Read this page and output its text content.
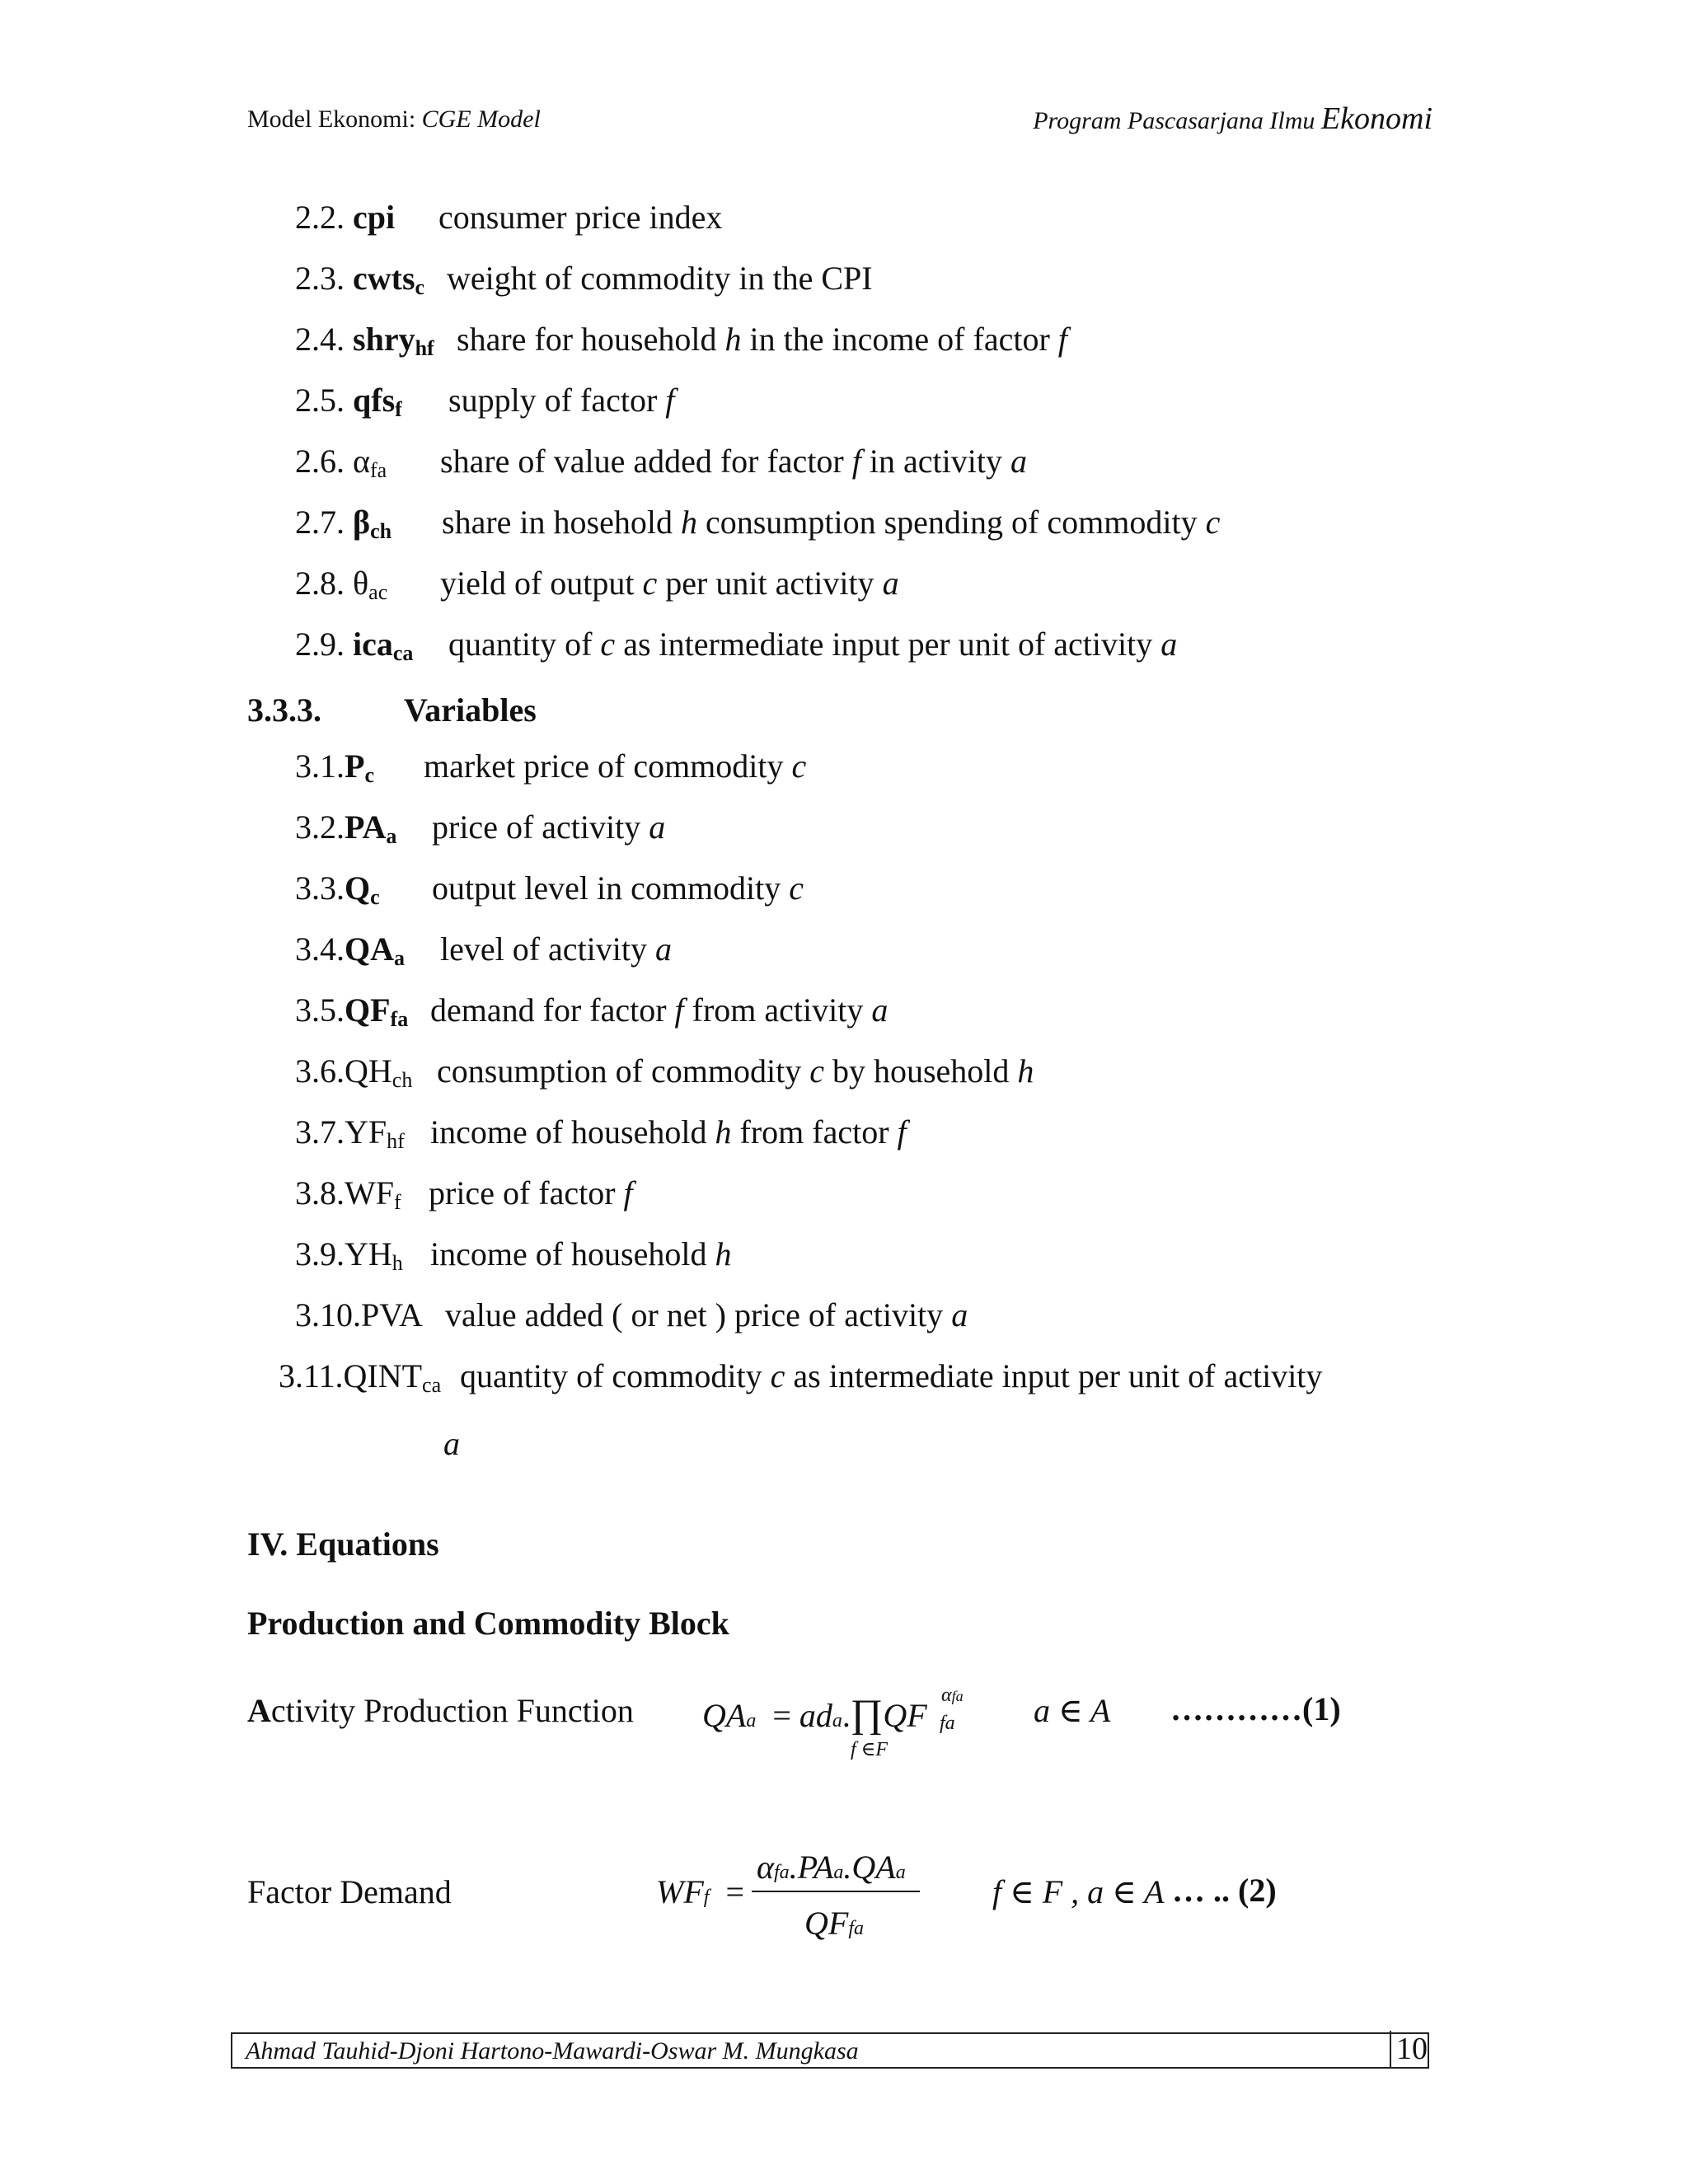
Model Ekonomi: CGE Model	Program Pascasarjana Ilmu Ekonomi
2.2. cpi consumer price index
2.3. cwts$_c$ weight of commodity in the CPI
2.4. shry$_{hf}$ share for household h in the income of factor f
2.5. qfs$_f$ supply of factor f
2.6. $\alpha_{fa}$ share of value added for factor f in activity a
2.7. $\beta_{ch}$ share in hosehold h consumption spending of commodity c
2.8. $\theta_{ac}$ yield of output c per unit activity a
2.9. ica$_{ca}$ quantity of c as intermediate input per unit of activity a
3.3.3.	Variables
$3.1.P_c$ market price of commodity c
$3.2.PA_a$ price of activity a
$3.3.Q_c$ output level in commodity c
$3.4.QA_a$ level of activity a
$3.5.QF_{fa}$ demand for factor f from activity a
$3.6.QH_{ch}$ consumption of commodity c by household h
$3.7.YF_{hf}$ income of household h from factor f
$3.8.WF_f$ price of factor f
$3.9.YH_h$ income of household h
3.10.PVA value added ( or net ) price of activity a
$3.11.QINT_{ca}$ quantity of commodity c as intermediate input per unit of activity
a
IV. Equations
Production and Commodity Block
Activity Production Function QAa  = ada.∏QF
αfa
fa
f ∈F
a ∈ A …………(1)
Factor Demand	WFf  =
αfa.PAa.QAa
QFfa
f ∈ F , a ∈ A … .. (2)
Ahmad Tauhid-Djoni Hartono-Mawardi-Oswar M. Mungkasa	10
